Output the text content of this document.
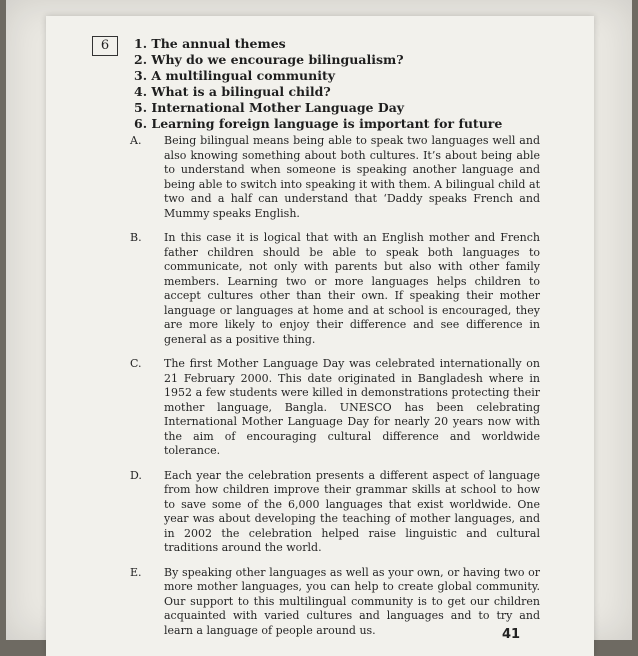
6	1. The annual themes
2. Why do we encourage bilingualism?
3. A multilingual community
4. What is a bilingual child?
5. International Mother Language Day
6. Learning foreign language is important for future
A. Being bilingual means being able to speak two languages well and also knowing something about both cultures. It’s about being able to understand when someone is speaking another language and being able to switch into speaking it with them. A bilingual child at two and a half can understand that ‘Daddy speaks French and Mummy speaks English.
B. In this case it is logical that with an English mother and French father children should be able to speak both languages to communicate, not only with parents but also with other family members. Learning two or more languages helps children to accept cultures other than their own. If speaking their mother language or languages at home and at school is encouraged, they are more likely to enjoy their difference and see difference in general as a positive thing.
C. The first Mother Language Day was celebrated internationally on 21 February 2000. This date originated in Bangladesh where in 1952 a few students were killed in demonstrations protecting their mother language, Bangla. UNESCO has been celebrating International Mother Language Day for nearly 20 years now with the aim of encouraging cultural difference and worldwide tolerance.
D. Each year the celebration presents a different aspect of language from how children improve their grammar skills at school to how to save some of the 6,000 languages that exist worldwide. One year was about developing the teaching of mother languages, and in 2002 the celebration helped raise linguistic and cultural traditions around the world.
E. By speaking other languages as well as your own, or having two or more mother languages, you can help to create global community. Our support to this multilingual community is to get our children acquainted with varied cultures and languages and to try and learn a language of people around us.	41
